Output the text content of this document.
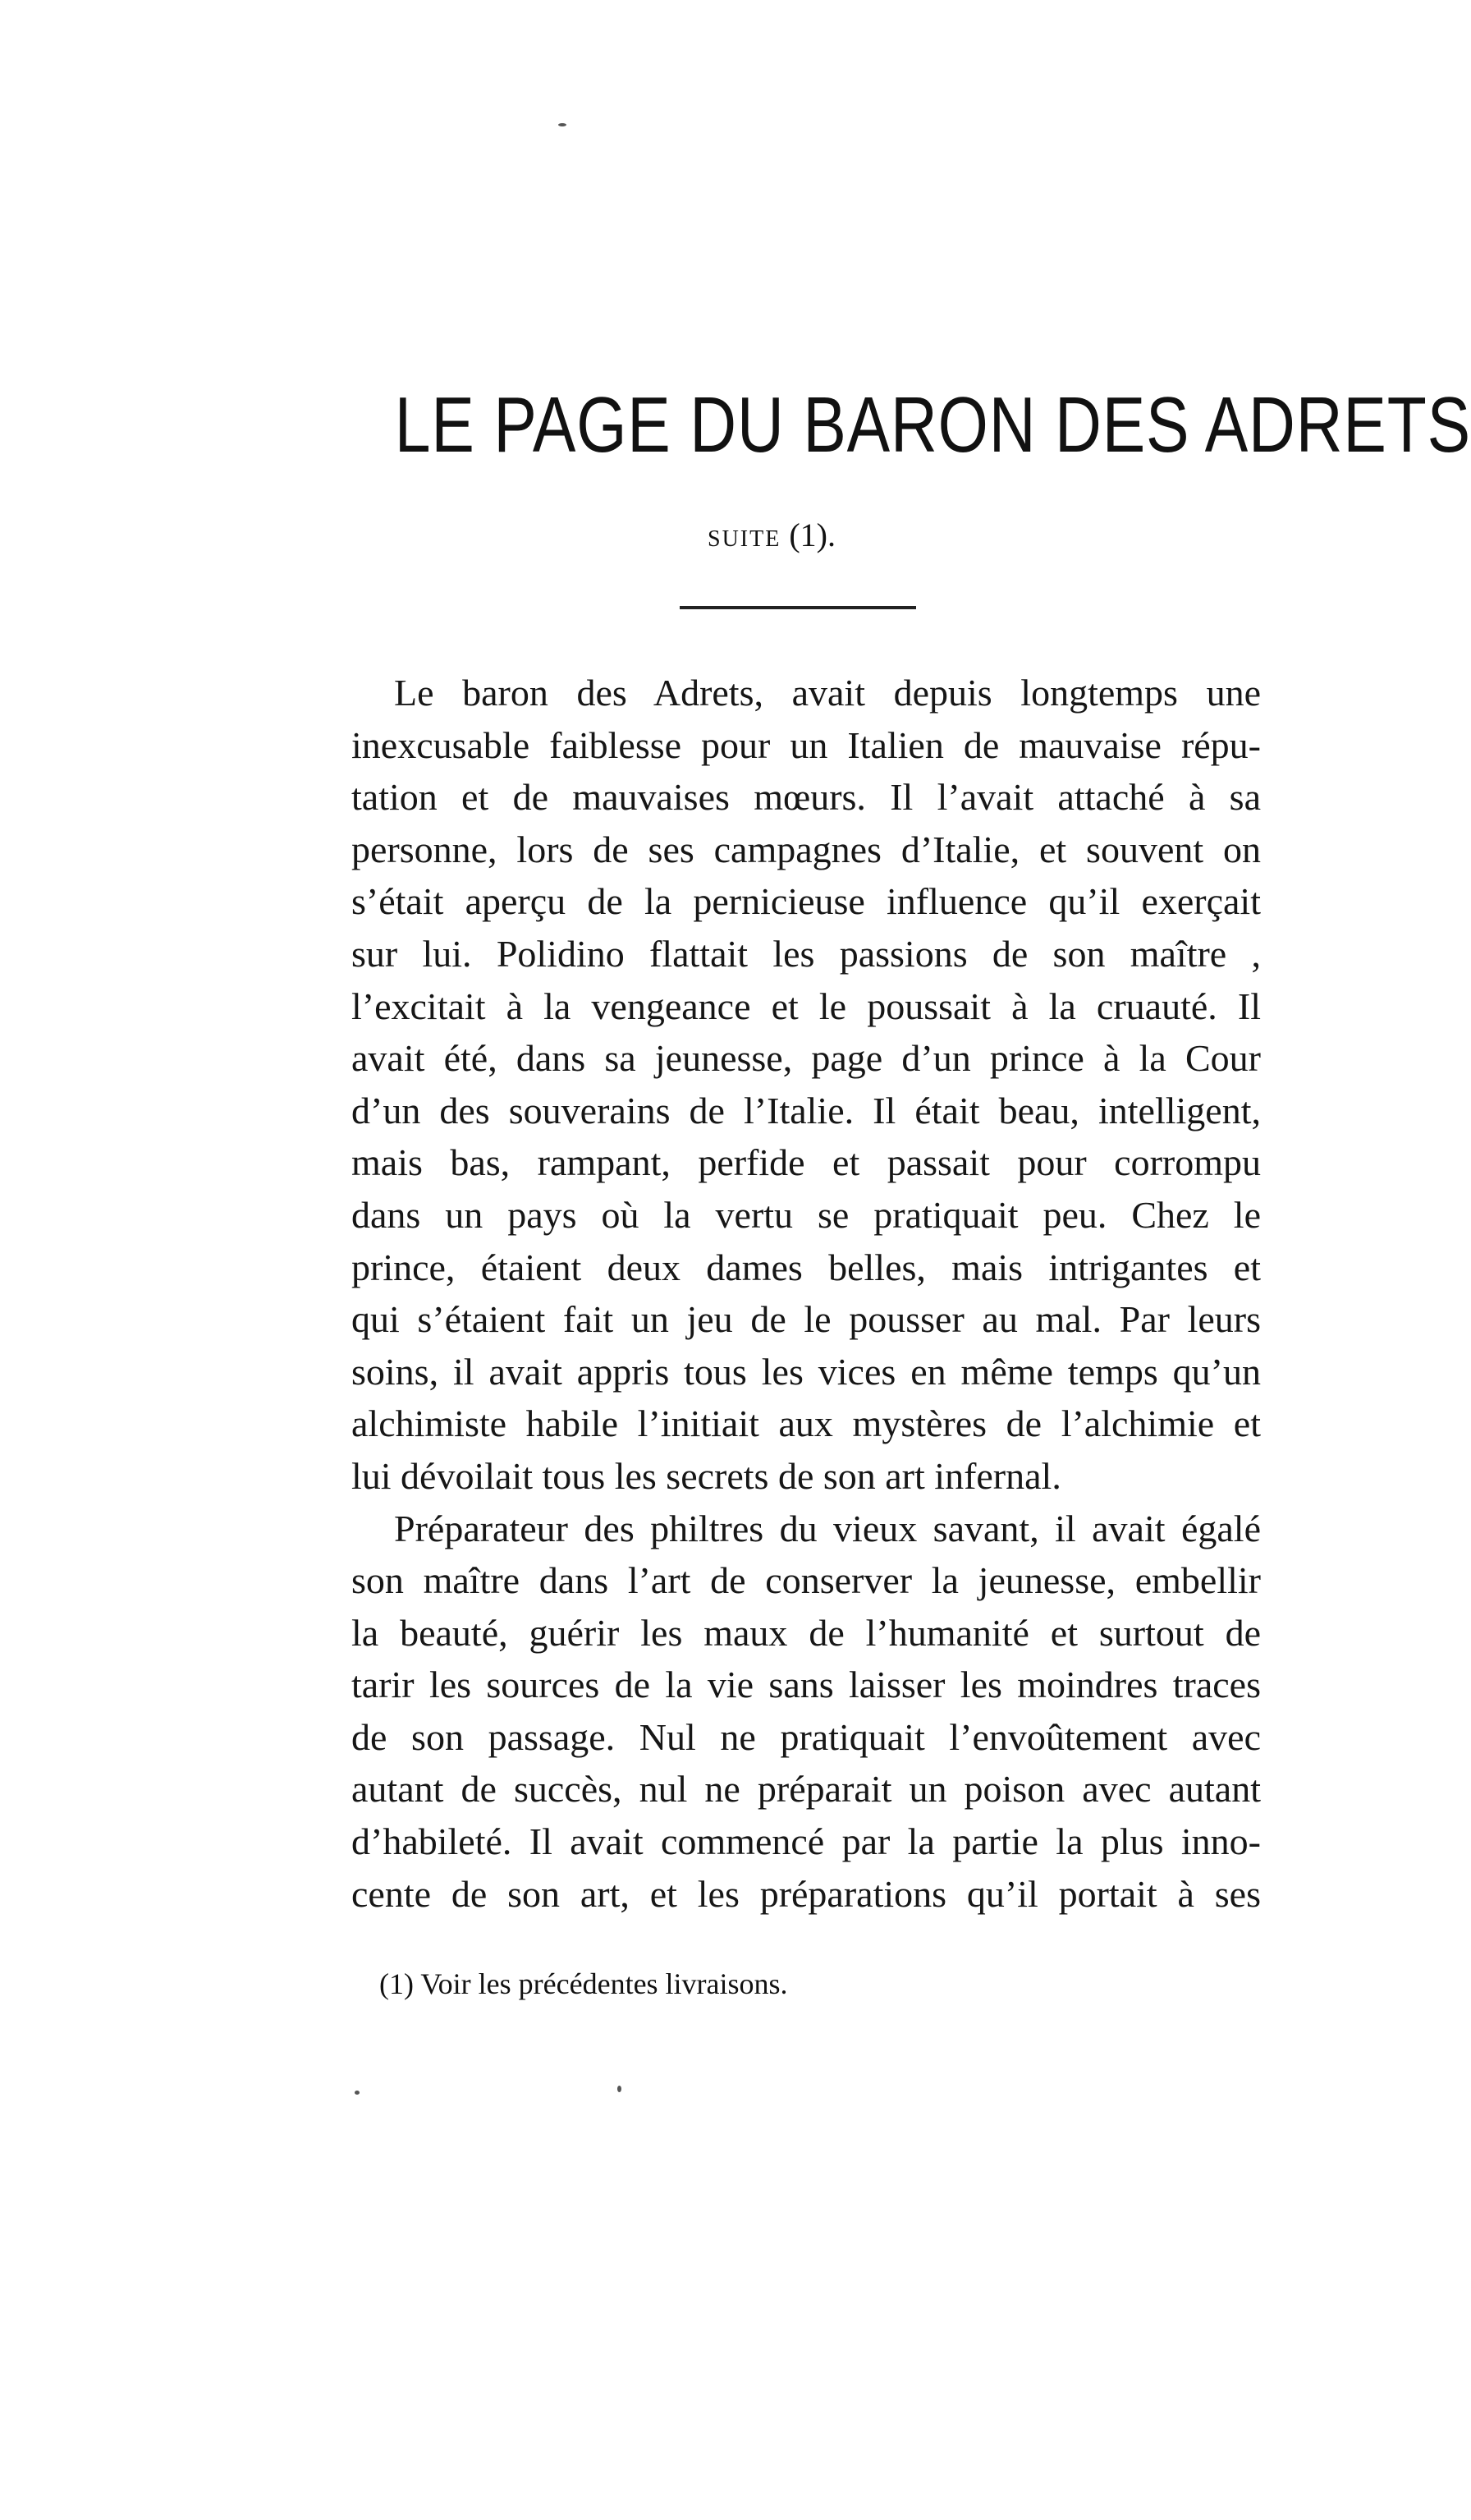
LE PAGE DU BARON DES ADRETS
SUITE (1).
Le baron des Adrets, avait depuis longtemps une
inexcusable faiblesse pour un Italien de mauvaise répu-
tation et de mauvaises mœurs. Il l’avait attaché à sa
personne, lors de ses campagnes d’Italie, et souvent on
s’était aperçu de la pernicieuse influence qu’il exerçait
sur lui. Polidino flattait les passions de son maître ,
l’excitait à la vengeance et le poussait à la cruauté. Il
avait été, dans sa jeunesse, page d’un prince à la Cour
d’un des souverains de l’Italie. Il était beau, intelligent,
mais bas, rampant, perfide et passait pour corrompu
dans un pays où la vertu se pratiquait peu. Chez le
prince, étaient deux dames belles, mais intrigantes et
qui s’étaient fait un jeu de le pousser au mal. Par leurs
soins, il avait appris tous les vices en même temps qu’un
alchimiste habile l’initiait aux mystères de l’alchimie et
lui dévoilait tous les secrets de son art infernal.
Préparateur des philtres du vieux savant, il avait égalé
son maître dans l’art de conserver la jeunesse, embellir
la beauté, guérir les maux de l’humanité et surtout de
tarir les sources de la vie sans laisser les moindres traces
de son passage. Nul ne pratiquait l’envoûtement avec
autant de succès, nul ne préparait un poison avec autant
d’habileté. Il avait commencé par la partie la plus inno-
cente de son art, et les préparations qu’il portait à ses
(1) Voir les précédentes livraisons.
